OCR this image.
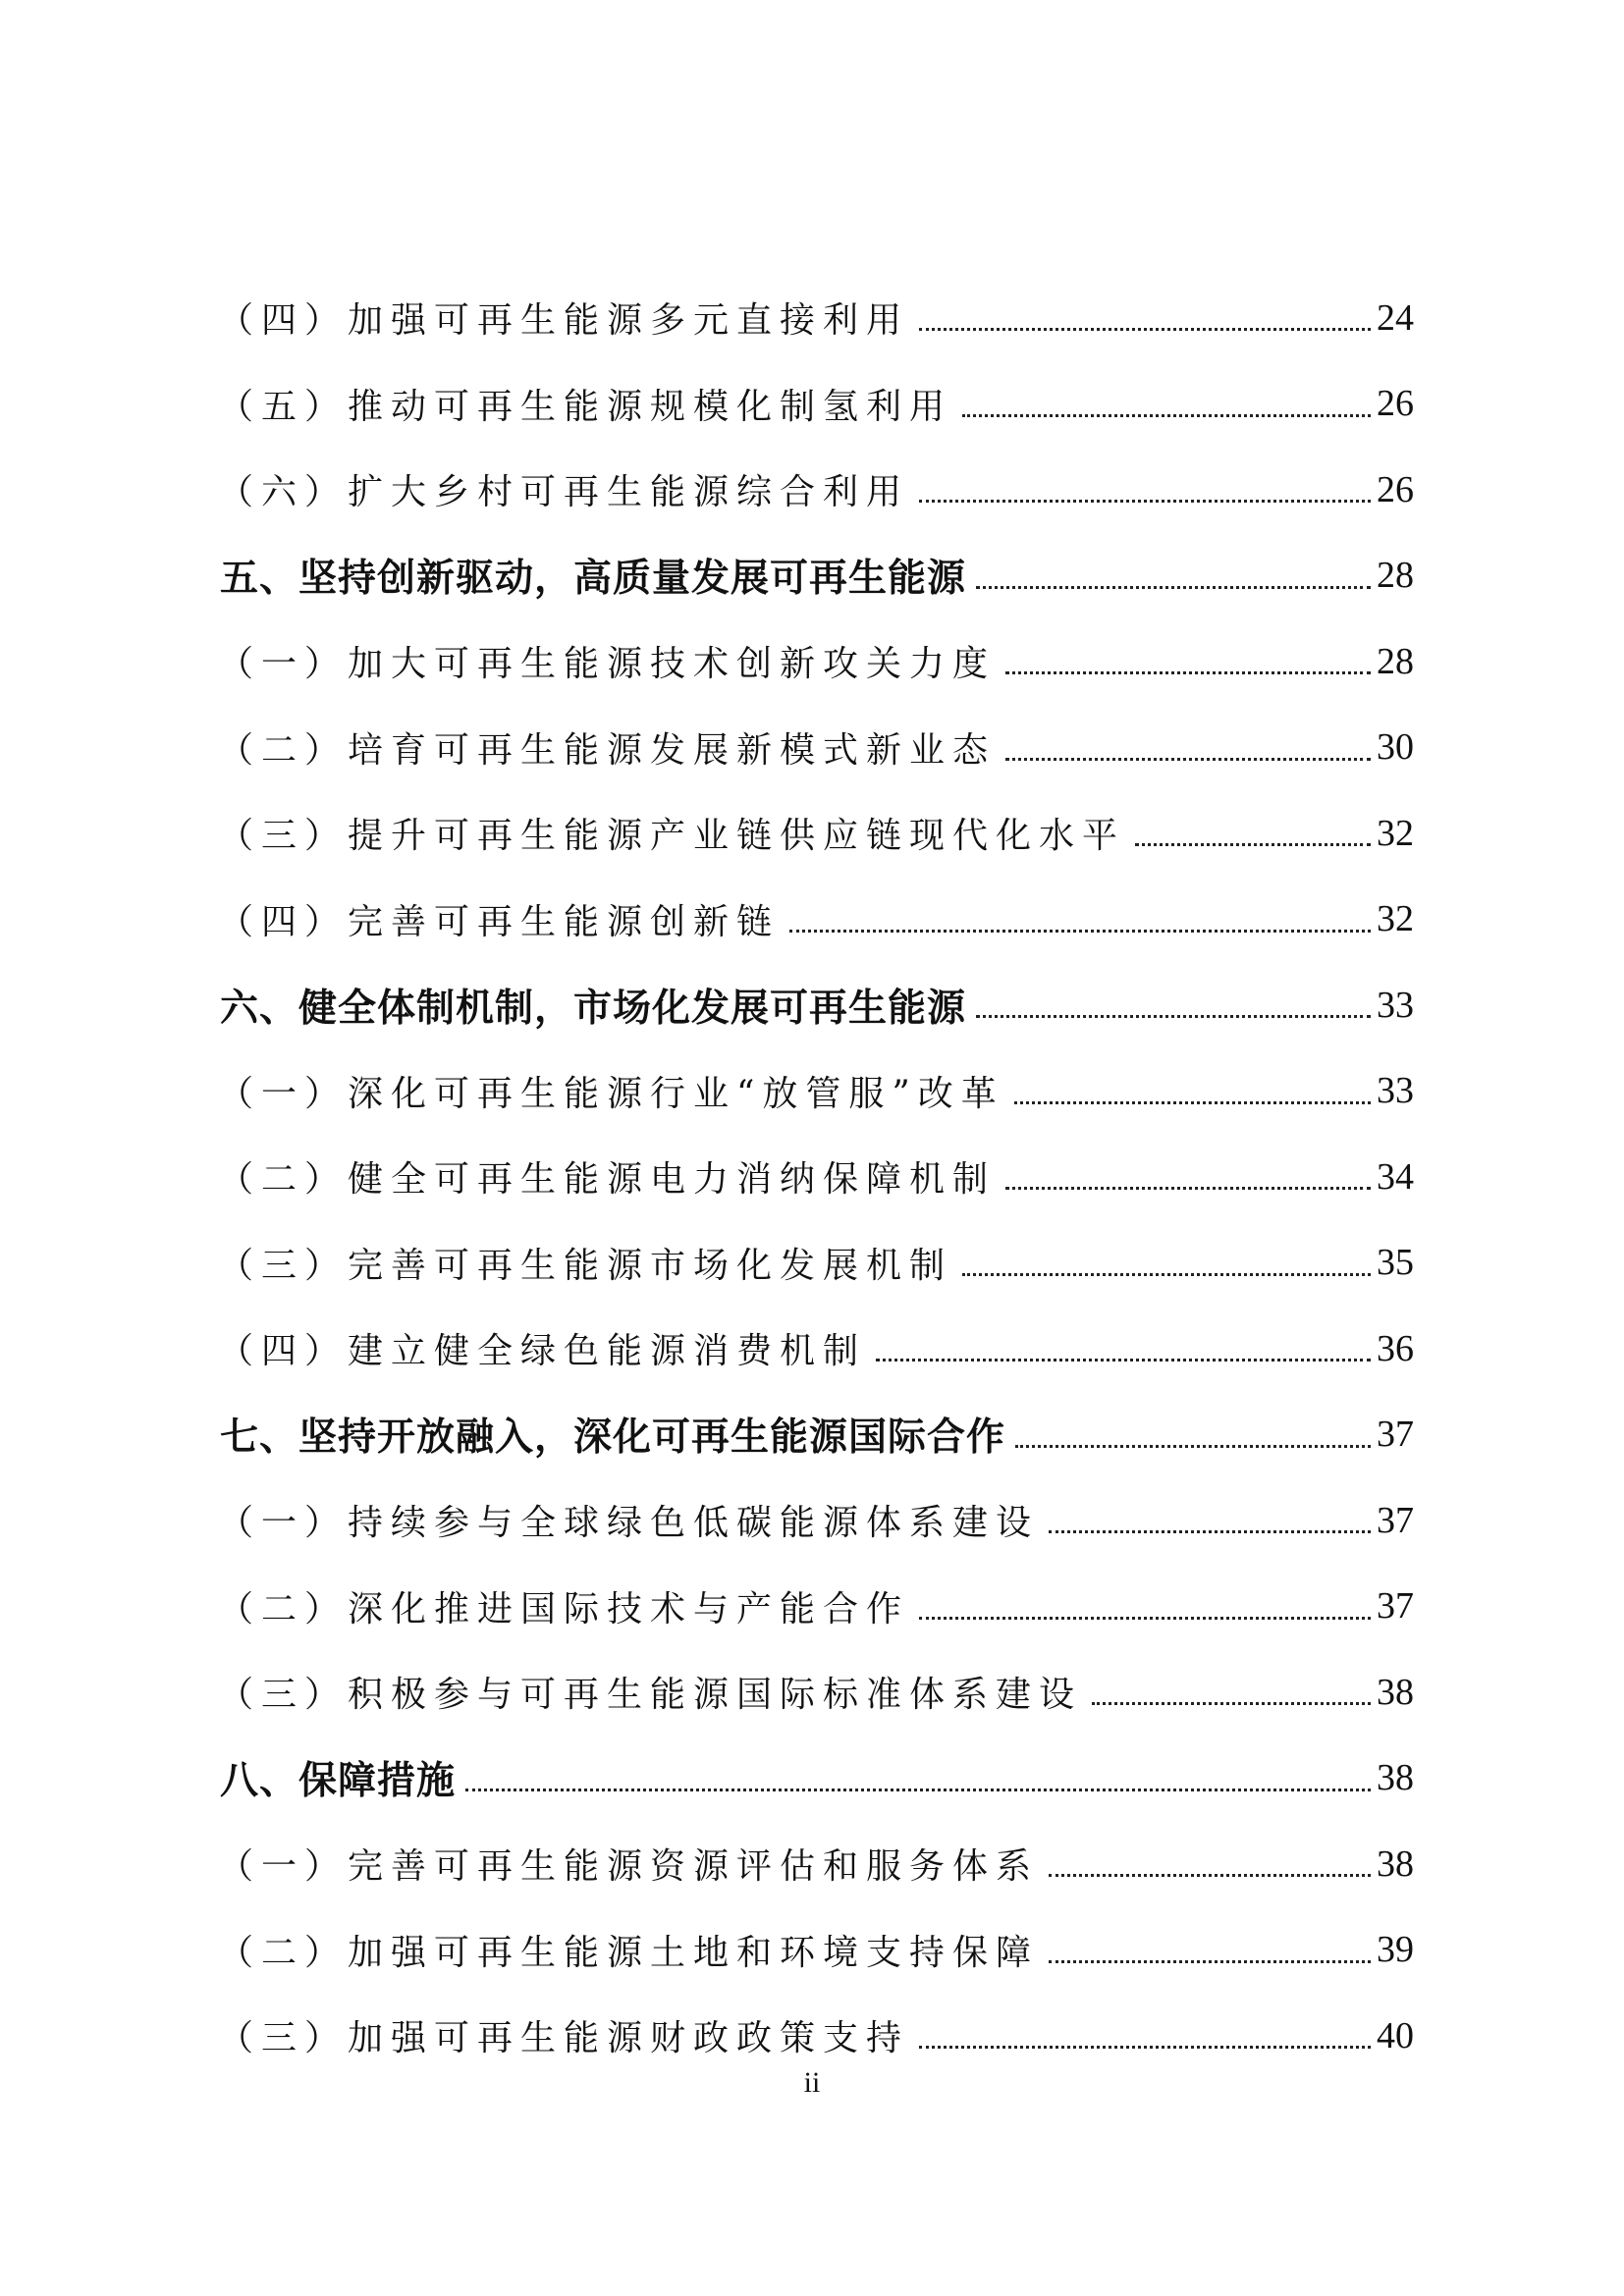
（四）加强可再生能源多元直接利用	24
（五）推动可再生能源规模化制氢利用	26
（六）扩大乡村可再生能源综合利用	26
五、坚持创新驱动，高质量发展可再生能源	28
（一）加大可再生能源技术创新攻关力度	28
（二）培育可再生能源发展新模式新业态	30
（三）提升可再生能源产业链供应链现代化水平	32
（四）完善可再生能源创新链	32
六、健全体制机制，市场化发展可再生能源	33
（一）深化可再生能源行业“放管服”改革	33
（二）健全可再生能源电力消纳保障机制	34
（三）完善可再生能源市场化发展机制	35
（四）建立健全绿色能源消费机制	36
七、坚持开放融入，深化可再生能源国际合作	37
（一）持续参与全球绿色低碳能源体系建设	37
（二）深化推进国际技术与产能合作	37
（三）积极参与可再生能源国际标准体系建设	38
八、保障措施	38
（一）完善可再生能源资源评估和服务体系	38
（二）加强可再生能源土地和环境支持保障	39
（三）加强可再生能源财政政策支持	40
ii
